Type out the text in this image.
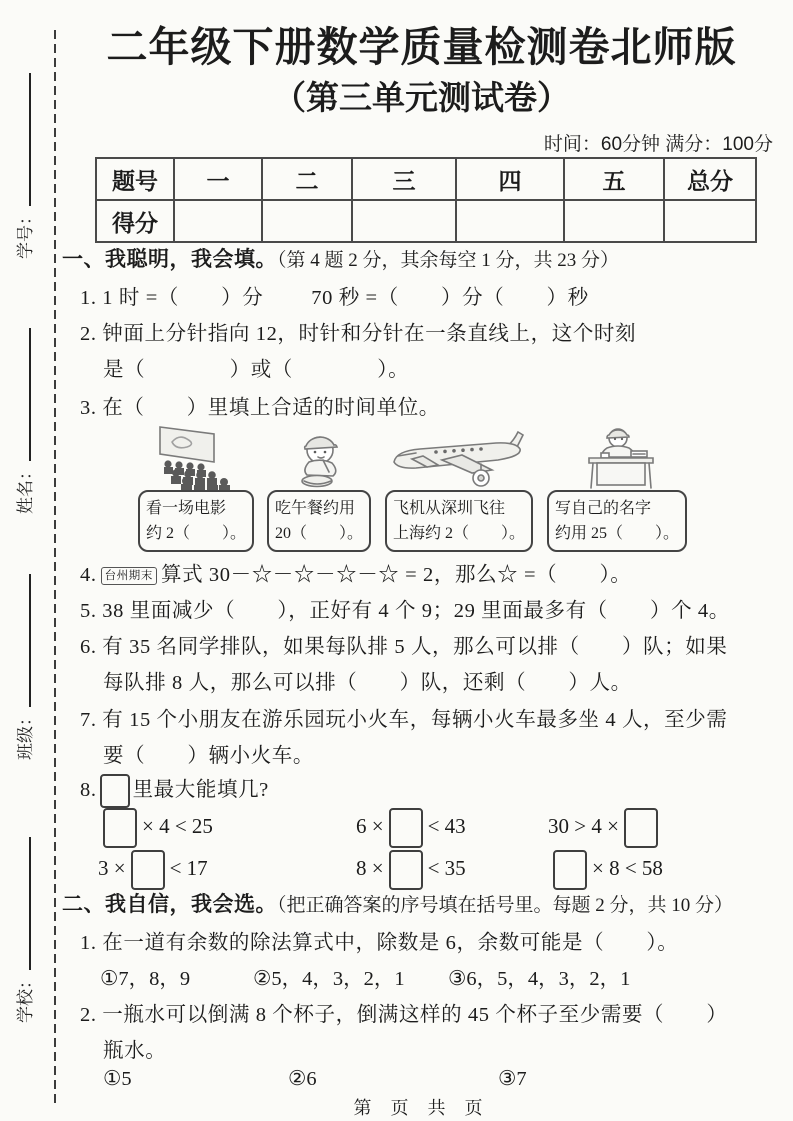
学号：
姓名：
班级：
学校：
二年级下册数学质量检测卷北师版
（第三单元测试卷）
时间：60分钟 满分：100分
题号	一	二	三	四	五	总分
得分						
一、我聪明，我会填。（第 4 题 2 分，其余每空 1 分，共 23 分）
1. 1 时 =（　　）分　　 70 秒 =（　　）分（　　）秒
2. 钟面上分针指向 12，时针和分针在一条直线上，这个时刻
是（　　　　）或（　　　　）。
3. 在（　　）里填上合适的时间单位。
看一场电影
约 2（　　）。
吃午餐约用
20（　　）。
飞机从深圳飞往
上海约 2（　　）。
写自己的名字
约用 25（　　）。
4. 台州期末 算式 30－☆－☆－☆－☆ = 2，那么☆ =（　　）。
5. 38 里面减少（　　），正好有 4 个 9；29 里面最多有（　　）个 4。
6. 有 35 名同学排队，如果每队排 5 人，那么可以排（　　）队；如果
每队排 8 人，那么可以排（　　）队，还剩（　　）人。
7. 有 15 个小朋友在游乐园玩小火车，每辆小火车最多坐 4 人，至少需
要（　　）辆小火车。
8. 里最大能填几?
× 4 < 25	6 × < 43	30 > 4 ×
3 × < 17	8 × < 35	× 8 < 58
二、我自信，我会选。（把正确答案的序号填在括号里。每题 2 分，共 10 分）
1. 在一道有余数的除法算式中，除数是 6，余数可能是（　　）。
①7，8，9	②5，4，3，2，1 ③6，5，4，3，2，1
2. 一瓶水可以倒满 8 个杯子，倒满这样的 45 个杯子至少需要（　　）
瓶水。
①5	②6	③7
第 页 共 页
